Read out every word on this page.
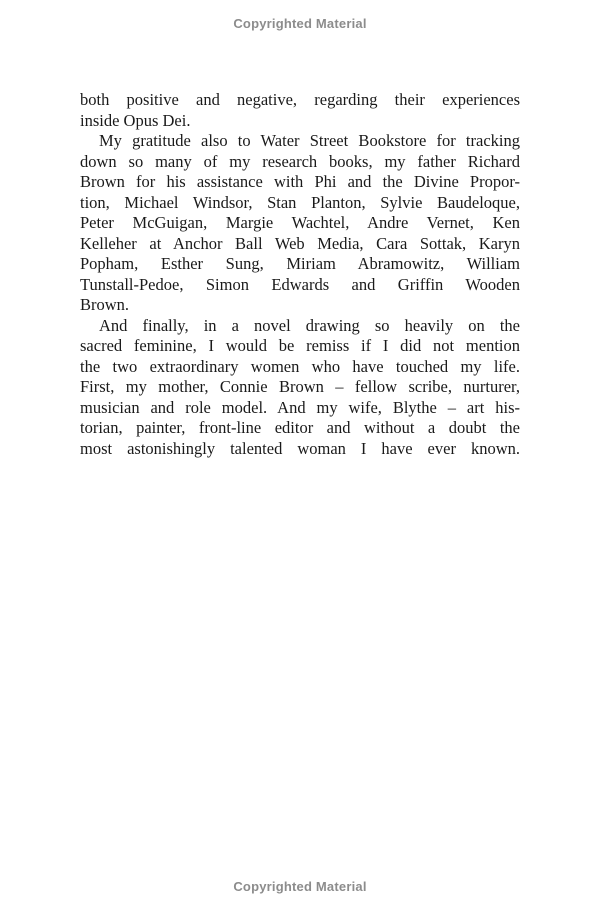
Copyrighted Material
both positive and negative, regarding their experiences
inside Opus Dei.
My gratitude also to Water Street Bookstore for tracking
down so many of my research books, my father Richard
Brown for his assistance with Phi and the Divine Propor-
tion, Michael Windsor, Stan Planton, Sylvie Baudeloque,
Peter McGuigan, Margie Wachtel, Andre Vernet, Ken
Kelleher at Anchor Ball Web Media, Cara Sottak, Karyn
Popham, Esther Sung, Miriam Abramowitz, William
Tunstall-Pedoe, Simon Edwards and Griffin Wooden
Brown.
And finally, in a novel drawing so heavily on the
sacred feminine, I would be remiss if I did not mention
the two extraordinary women who have touched my life.
First, my mother, Connie Brown – fellow scribe, nurturer,
musician and role model. And my wife, Blythe – art his-
torian, painter, front-line editor and without a doubt the
most astonishingly talented woman I have ever known.
Copyrighted Material
